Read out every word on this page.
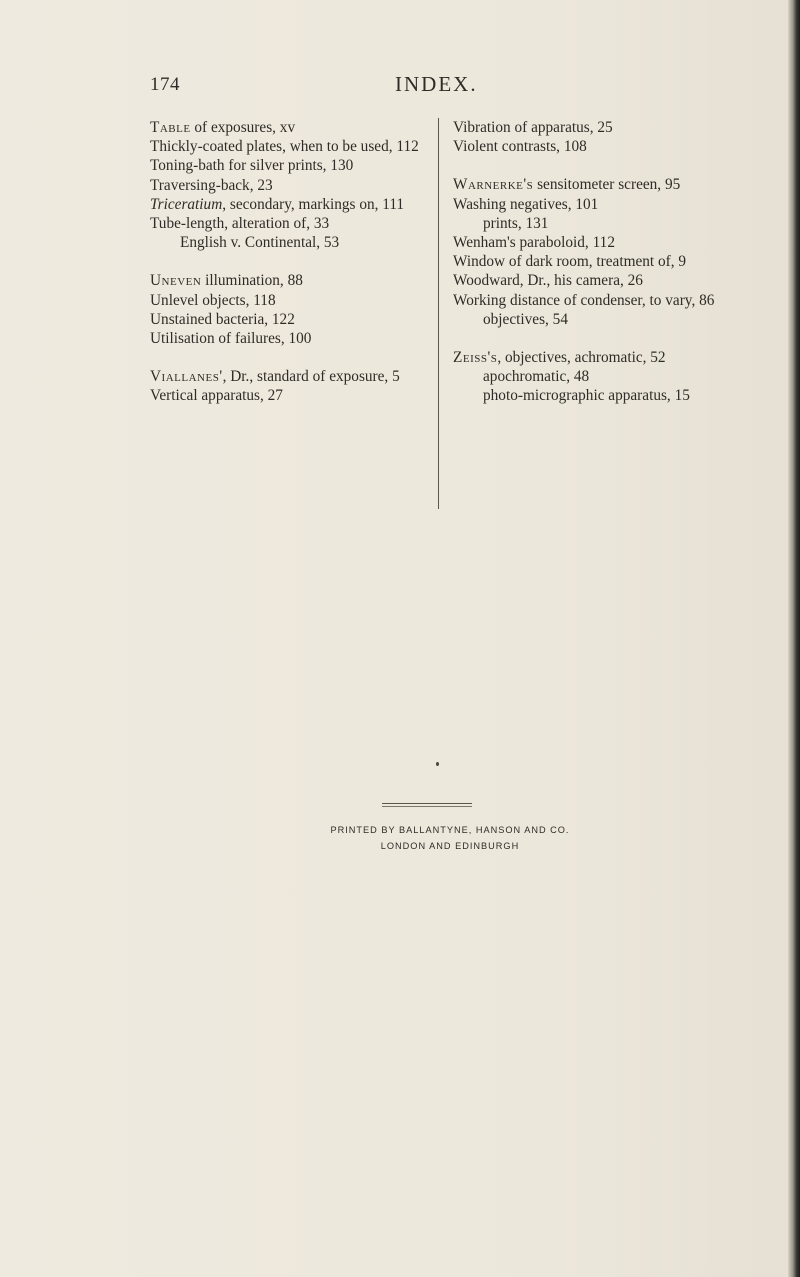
174	INDEX.

Table of exposures, xv

Thickly-coated plates, when to be used, 112

Toning-bath for silver prints, 130

Traversing-back, 23

Triceratium, secondary, markings on, 111

Tube-length, alteration of, 33

English v. Continental, 53

Uneven illumination, 88

Unlevel objects, 118

Unstained bacteria, 122

Utilisation of failures, 100

Viallanes', Dr., standard of exposure, 5

Vertical apparatus, 27

Vibration of apparatus, 25

Violent contrasts, 108

Warnerke's sensitometer screen, 95

Washing negatives, 101

prints, 131

Wenham's paraboloid, 112

Window of dark room, treatment of, 9

Woodward, Dr., his camera, 26

Working distance of condenser, to vary, 86

objectives, 54

Zeiss's, objectives, achromatic, 52

apochromatic, 48

photo-micrographic apparatus, 15

PRINTED BY BALLANTYNE, HANSON AND CO.
LONDON AND EDINBURGH
